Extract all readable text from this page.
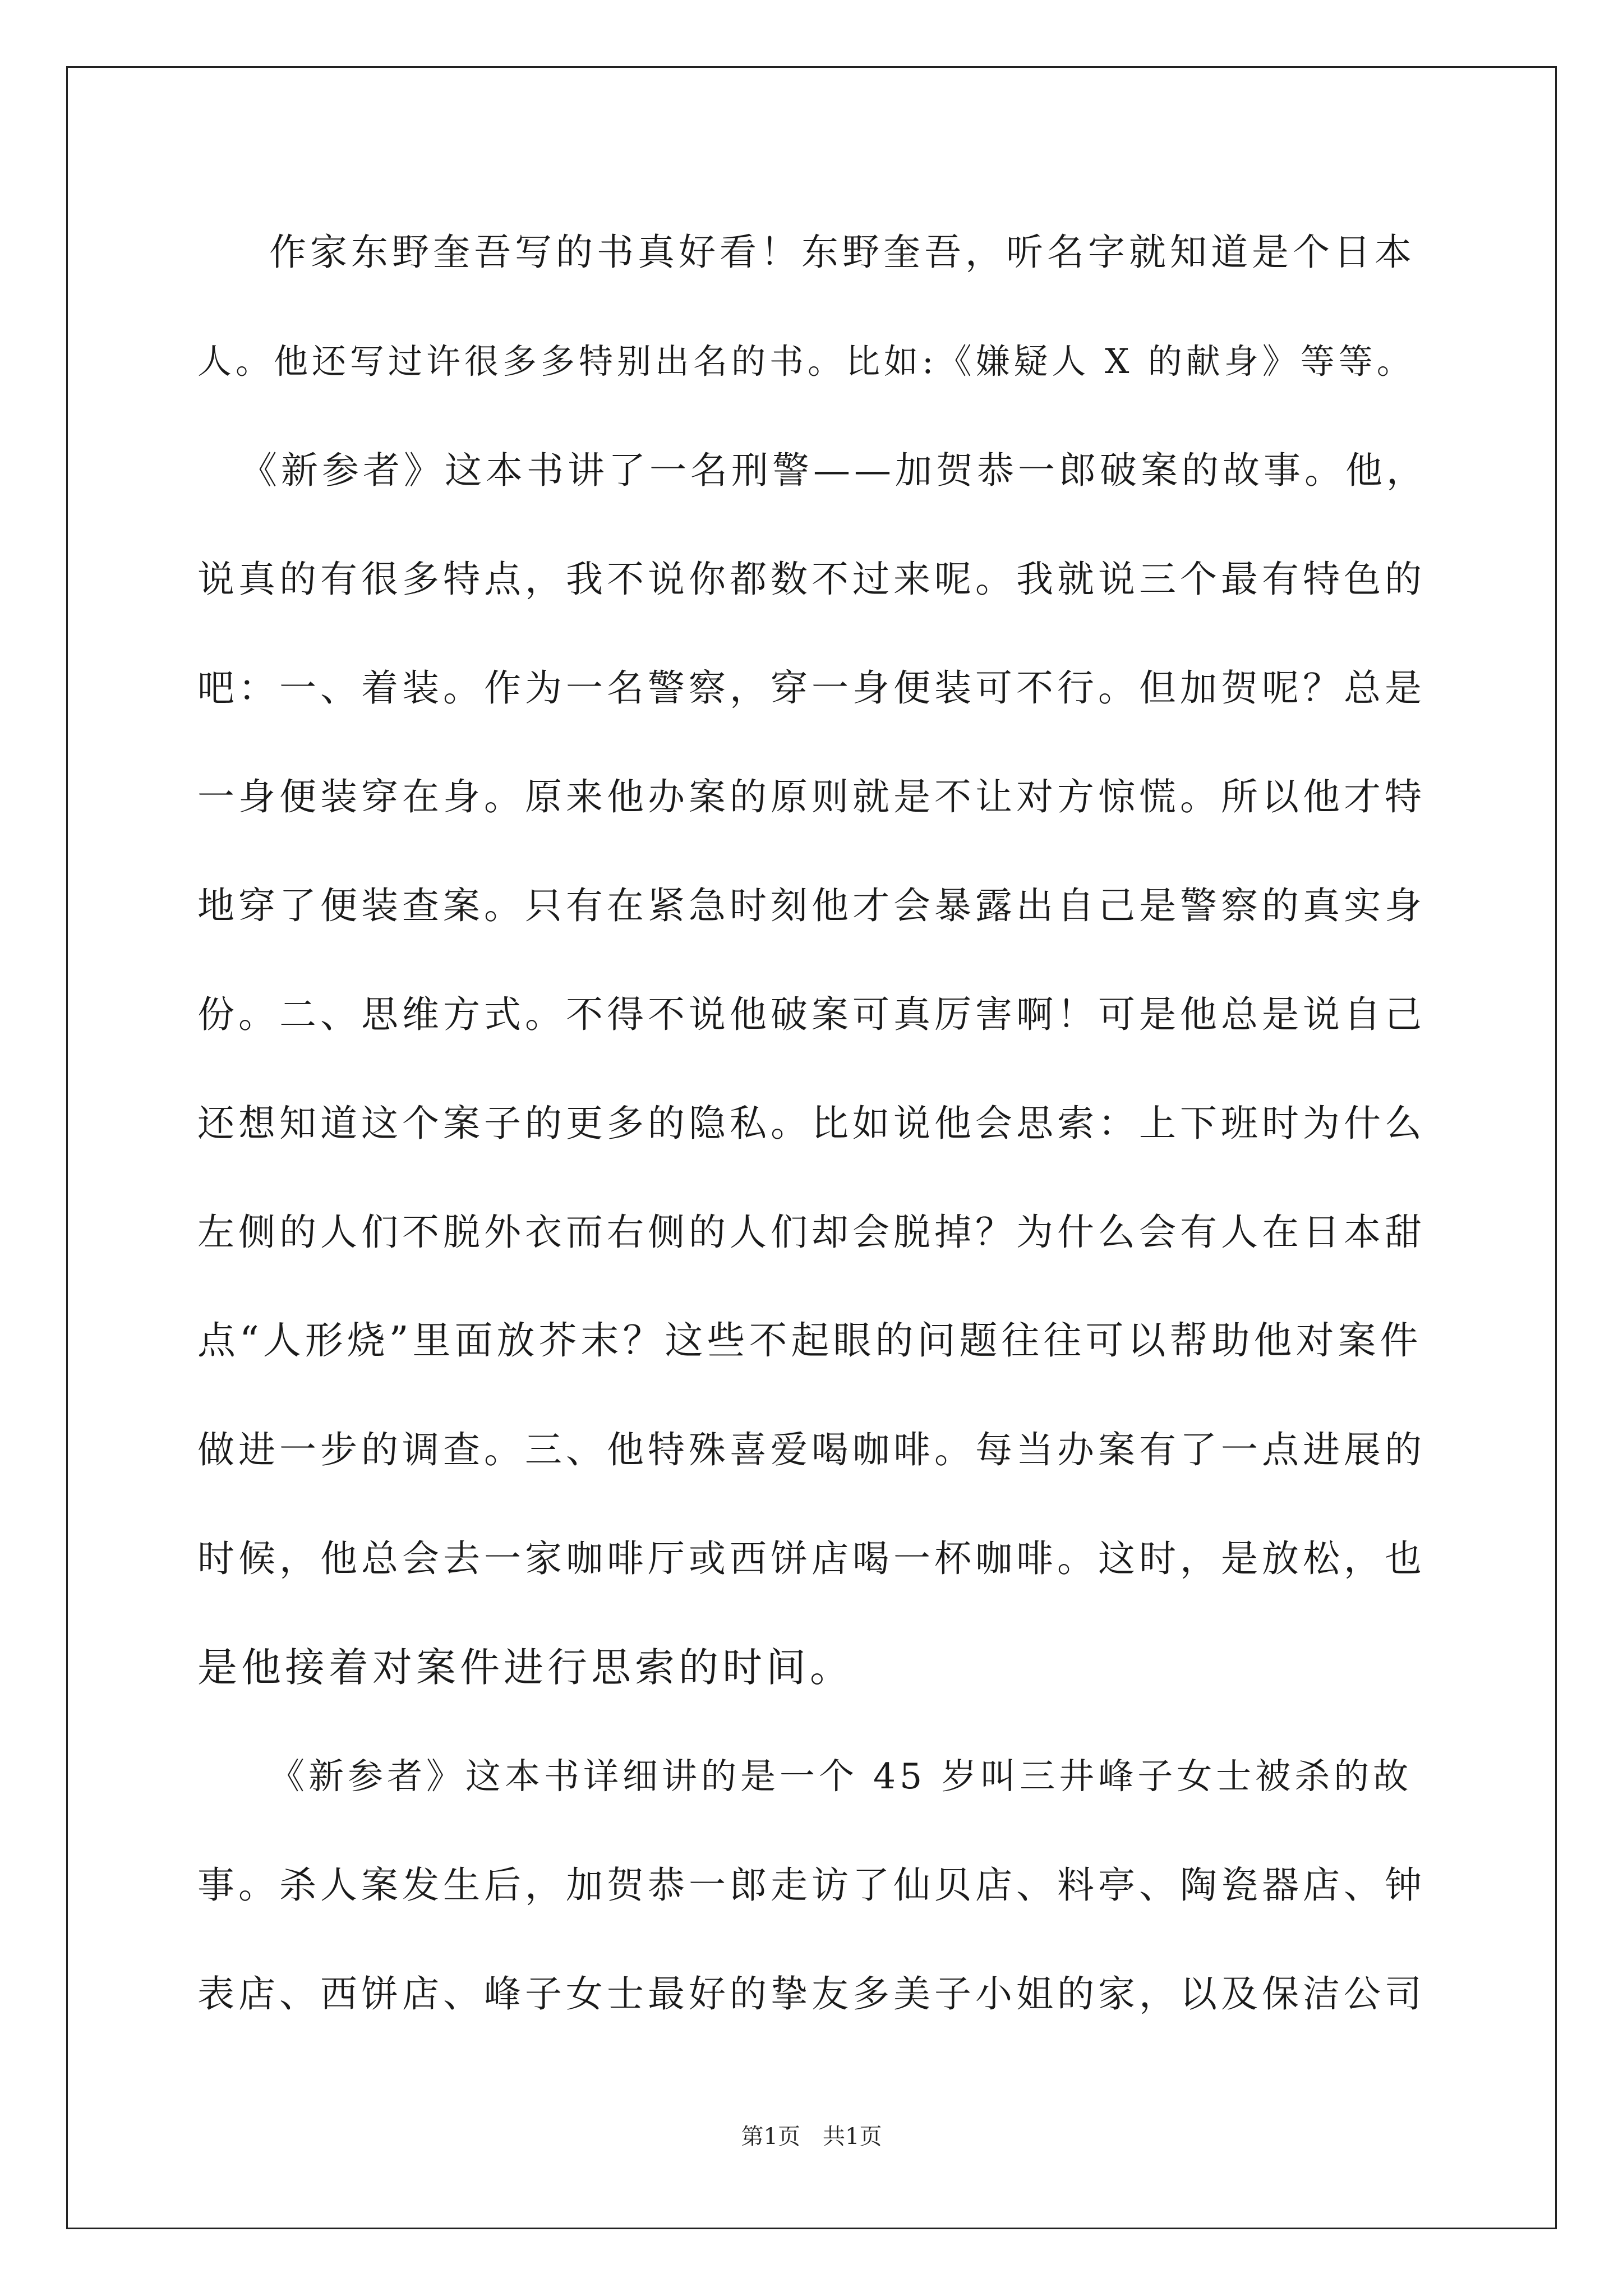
作家东野奎吾写的书真好看！东野奎吾，听名字就知道是个日本
人。他还写过许很多多特别出名的书。比如:《嫌疑人 X 的献身》等等。
《新参者》这本书讲了一名刑警——加贺恭一郎破案的故事。他，
说真的有很多特点，我不说你都数不过来呢。我就说三个最有特色的
吧：一、着装。作为一名警察，穿一身便装可不行。但加贺呢？总是
一身便装穿在身。原来他办案的原则就是不让对方惊慌。所以他才特
地穿了便装查案。只有在紧急时刻他才会暴露出自己是警察的真实身
份。二、思维方式。不得不说他破案可真厉害啊！可是他总是说自己
还想知道这个案子的更多的隐私。比如说他会思索：上下班时为什么
左侧的人们不脱外衣而右侧的人们却会脱掉？为什么会有人在日本甜
点“人形烧”里面放芥末？这些不起眼的问题往往可以帮助他对案件
做进一步的调查。三、他特殊喜爱喝咖啡。每当办案有了一点进展的
时候，他总会去一家咖啡厅或西饼店喝一杯咖啡。这时，是放松，也
是他接着对案件进行思索的时间。
《新参者》这本书详细讲的是一个 45 岁叫三井峰子女士被杀的故
事。杀人案发生后，加贺恭一郎走访了仙贝店、料亭、陶瓷器店、钟
表店、西饼店、峰子女士最好的挚友多美子小姐的家，以及保洁公司
第1页　共1页
